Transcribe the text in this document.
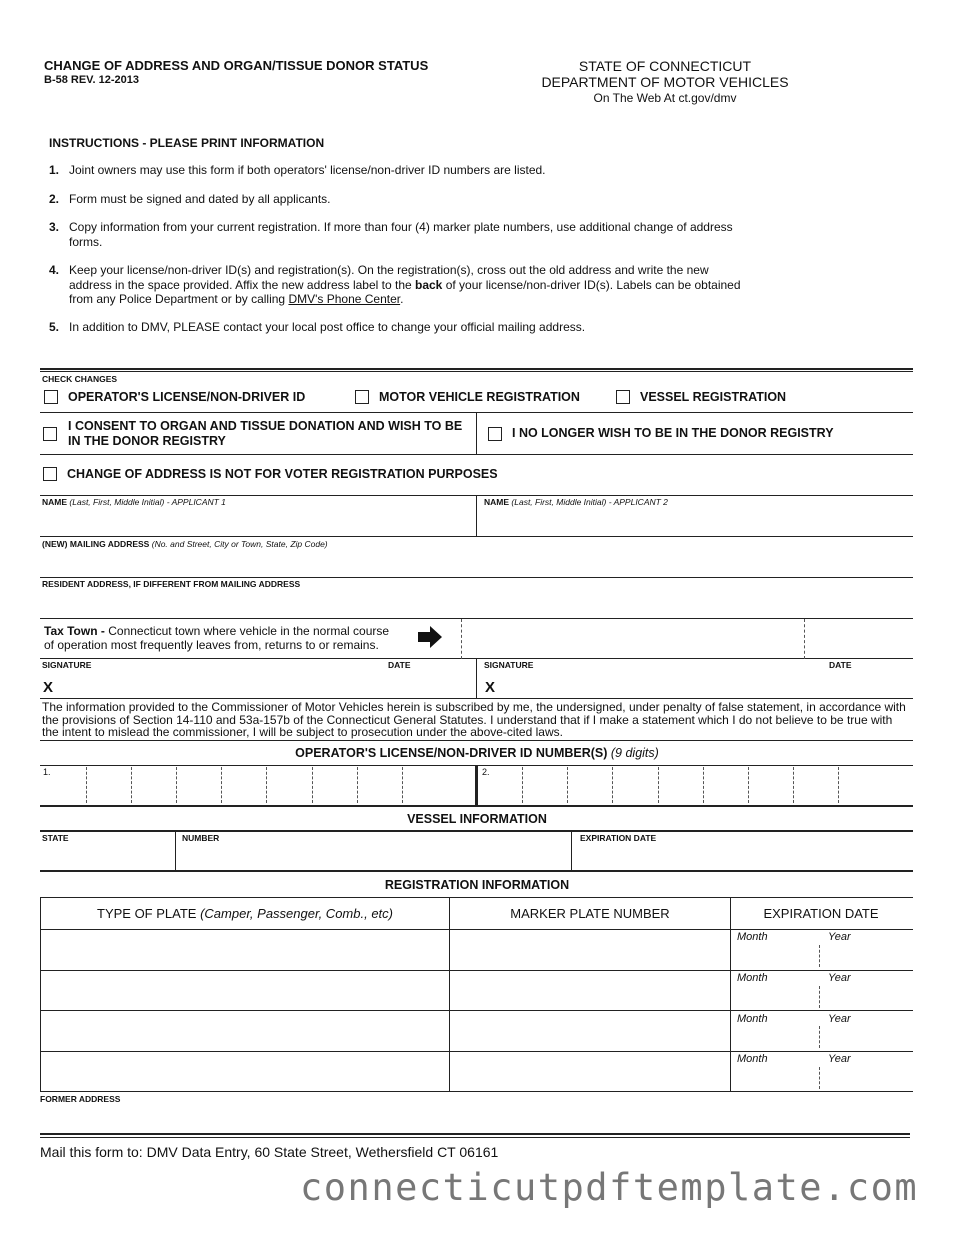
CHANGE OF ADDRESS AND ORGAN/TISSUE DONOR STATUS
B-58 REV. 12-2013
STATE OF CONNECTICUT
DEPARTMENT OF MOTOR VEHICLES
On The Web At ct.gov/dmv
INSTRUCTIONS - PLEASE PRINT INFORMATION
1. Joint owners may use this form if both operators' license/non-driver ID numbers are listed.
2. Form must be signed and dated by all applicants.
3. Copy information from your current registration. If more than four (4) marker plate numbers, use additional change of address forms.
4. Keep your license/non-driver ID(s) and registration(s). On the registration(s), cross out the old address and write the new address in the space provided. Affix the new address label to the back of your license/non-driver ID(s). Labels can be obtained from any Police Department or by calling DMV's Phone Center.
5. In addition to DMV, PLEASE contact your local post office to change your official mailing address.
CHECK CHANGES
OPERATOR'S LICENSE/NON-DRIVER ID	MOTOR VEHICLE REGISTRATION	VESSEL REGISTRATION
I CONSENT TO ORGAN AND TISSUE DONATION AND WISH TO BE
IN THE DONOR REGISTRY
I NO LONGER WISH TO BE IN THE DONOR REGISTRY
CHANGE OF ADDRESS IS NOT FOR VOTER REGISTRATION PURPOSES
NAME (Last, First, Middle Initial) - APPLICANT 1	NAME (Last, First, Middle Initial) - APPLICANT 2
(NEW) MAILING ADDRESS (No. and Street, City or Town, State, Zip Code)
RESIDENT ADDRESS, IF DIFFERENT FROM MAILING ADDRESS
Tax Town - Connecticut town where vehicle in the normal course
of operation most frequently leaves from, returns to or remains.
SIGNATURE	DATE	SIGNATURE	DATE
X	X
The information provided to the Commissioner of Motor Vehicles herein is subscribed by me, the undersigned, under penalty of false statement, in accordance with the provisions of Section 14-110 and 53a-157b of the Connecticut General Statutes. I understand that if I make a statement which I do not believe to be true with the intent to mislead the commissioner, I will be subject to prosecution under the above-cited laws.
OPERATOR'S LICENSE/NON-DRIVER ID NUMBER(S) (9 digits)
1.	2.
VESSEL INFORMATION
STATE	NUMBER	EXPIRATION DATE
REGISTRATION INFORMATION
TYPE OF PLATE (Camper, Passenger, Comb., etc)	MARKER PLATE NUMBER	EXPIRATION DATE
Month	Year
Month	Year
Month	Year
Month	Year
FORMER ADDRESS
Mail this form to: DMV Data Entry, 60 State Street, Wethersfield CT 06161
connecticutpdftemplate.com
